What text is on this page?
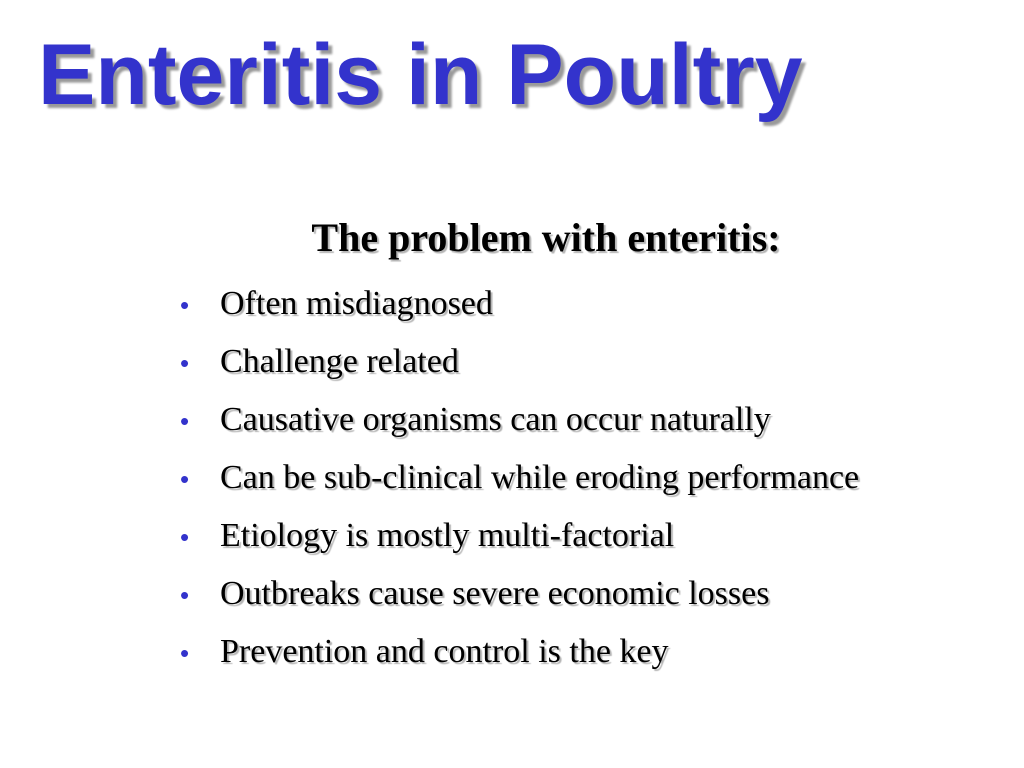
Enteritis in Poultry
The problem with enteritis:
• Often misdiagnosed
• Challenge related
• Causative organisms can occur naturally
• Can be sub-clinical while eroding performance
• Etiology is mostly multi-factorial
• Outbreaks cause severe economic losses
• Prevention and control is the key
